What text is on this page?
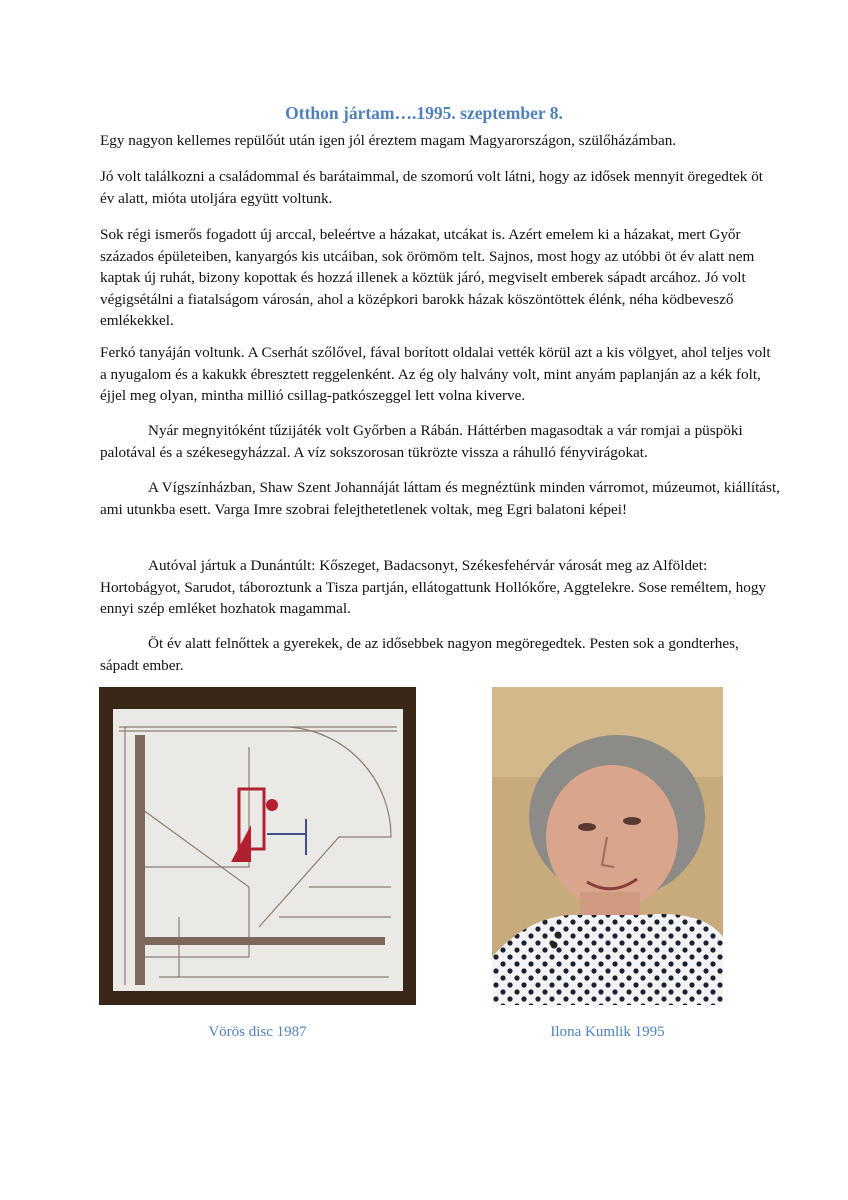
Otthon jártam….1995. szeptember 8.

Egy nagyon kellemes repülőút után igen jól éreztem magam Magyarországon, szülőházámban.

Jó volt találkozni a családommal és barátaimmal, de szomorú volt látni, hogy az idősek mennyit öregedtek öt év alatt, mióta utoljára együtt voltunk.

Sok régi ismerős fogadott új arccal, beleértve a házakat, utcákat is. Azért emelem ki a házakat, mert Győr százados épületeiben, kanyargós kis utcáiban, sok örömöm telt. Sajnos, most hogy az utóbbi öt év alatt nem kaptak új ruhát, bizony kopottak és hozzá illenek a köztük járó, megviselt emberek sápadt arcához. Jó volt végigsétálni a fiatalságom városán, ahol a középkori barokk házak köszöntöttek élénk, néha ködbevesző emlékekkel.

Ferkó tanyáján voltunk. A Cserhát szőlővel, fával borított oldalai vették körül azt a kis völgyet, ahol teljes volt a nyugalom és a kakukk ébresztett reggelenként. Az ég oly halvány volt, mint anyám paplanján az a kék folt, éjjel meg olyan, mintha millió csillag-patkószeggel lett volna kiverve.

Nyár megnyitóként tűzijáték volt Győrben a Rábán. Háttérben magasodtak a vár romjai a püspöki palotával és a székesegyházzal. A víz sokszorosan tükrözte vissza a ráhulló fényvirágokat.

A Vígszínházban, Shaw Szent Johannáját láttam és megnéztünk minden várromot, múzeumot, kiállítást, ami utunkba esett. Varga Imre szobrai felejthetetlenek voltak, meg Egri balatoni képei!

Autóval jártuk a Dunántúlt: Kőszeget, Badacsonyt, Székesfehérvár városát meg az Alföldet: Hortobágyot, Sarudot, táboroztunk a Tisza partján, ellátogattunk Hollókőre, Aggtelekre. Sose reméltem, hogy ennyi szép emléket hozhatok magammal.

Öt év alatt felnőttek a gyerekek, de az idősebbek nagyon megöregedtek. Pesten sok a gondterhes, sápadt ember.

Vörös disc 1987	Ilona Kumlik 1995
